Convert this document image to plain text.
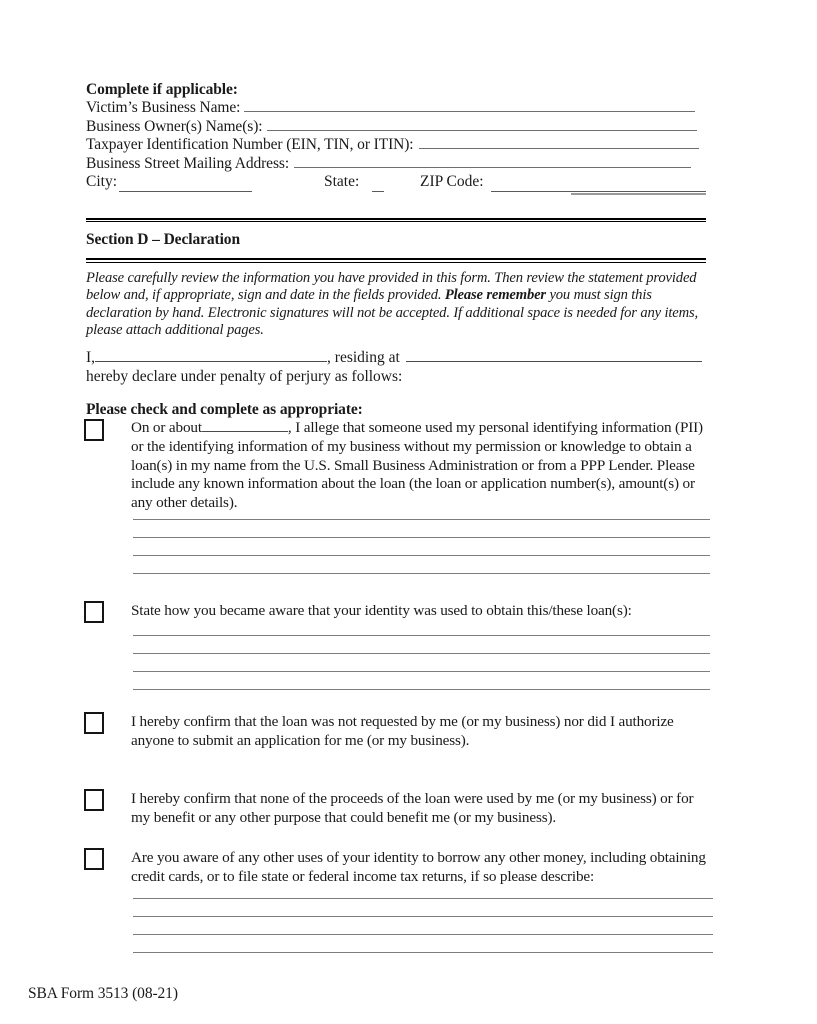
Complete if applicable:
Victim’s Business Name:
Business Owner(s) Name(s):
Taxpayer Identification Number (EIN, TIN, or ITIN):
Business Street Mailing Address:
City:	State:	ZIP Code:
Section D – Declaration
Please carefully review the information you have provided in this form. Then review the statement provided below and, if appropriate, sign and date in the fields provided. Please remember you must sign this declaration by hand. Electronic signatures will not be accepted. If additional space is needed for any items, please attach additional pages.
I,	, residing at
hereby declare under penalty of perjury as follows:
Please check and complete as appropriate:
On or about	, I allege that someone used my personal identifying information (PII) or the identifying information of my business without my permission or knowledge to obtain a loan(s) in my name from the U.S. Small Business Administration or from a PPP Lender. Please include any known information about the loan (the loan or application number(s), amount(s) or any other details).
State how you became aware that your identity was used to obtain this/these loan(s):
I hereby confirm that the loan was not requested by me (or my business) nor did I authorize anyone to submit an application for me (or my business).
I hereby confirm that none of the proceeds of the loan were used by me (or my business) or for my benefit or any other purpose that could benefit me (or my business).
Are you aware of any other uses of your identity to borrow any other money, including obtaining credit cards, or to file state or federal income tax returns, if so please describe:
SBA Form 3513 (08-21)
